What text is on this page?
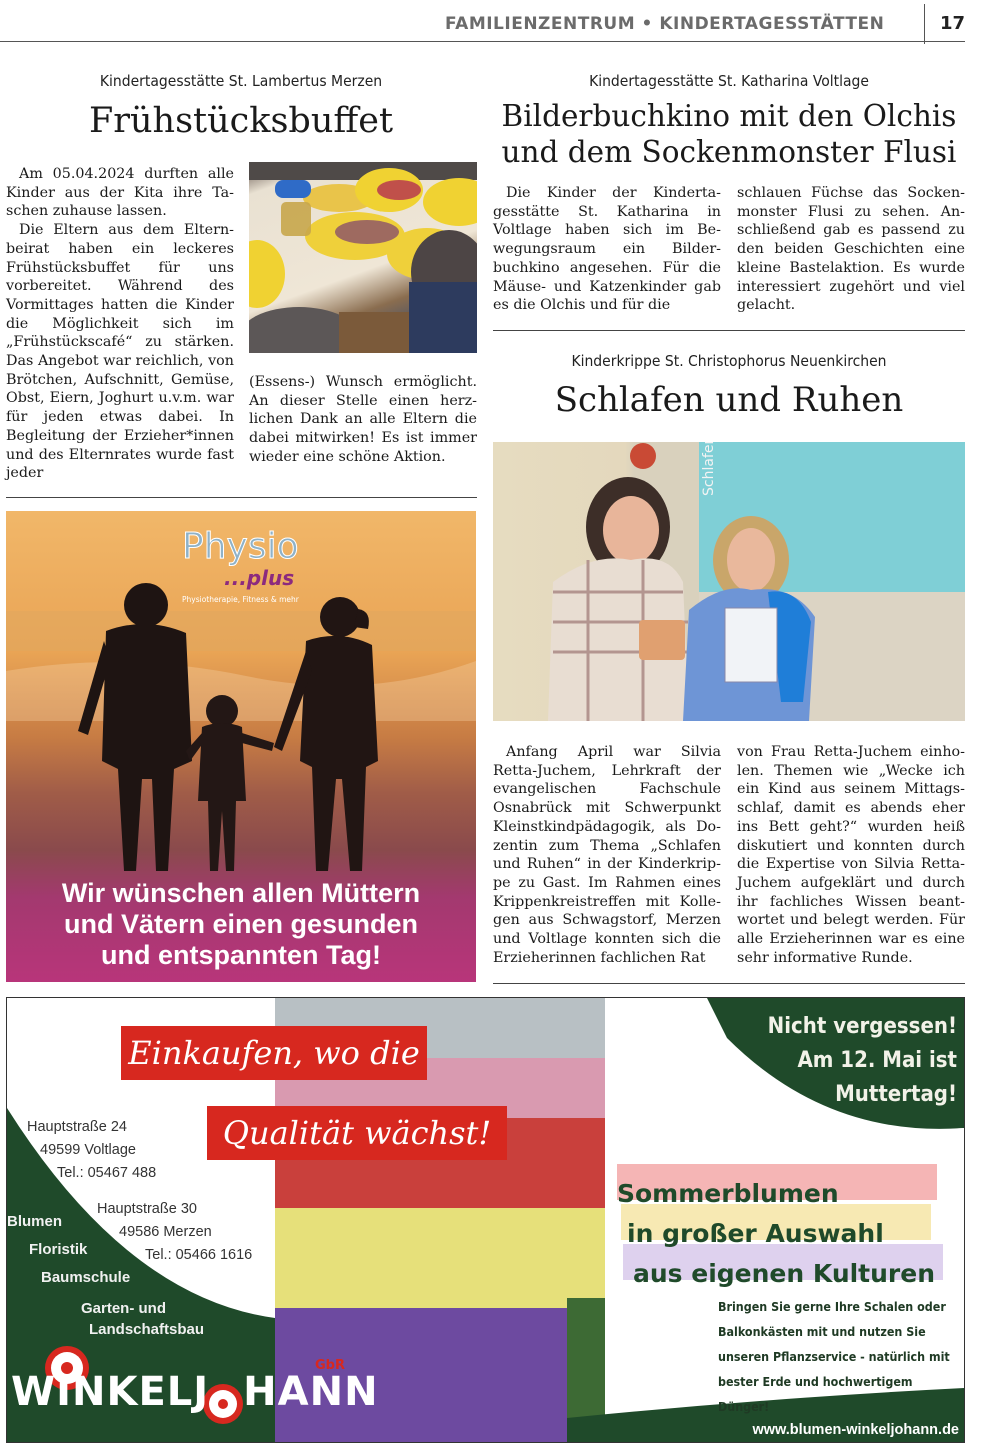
FAMILIENZENTRUM • KINDERTAGESSTÄTTEN	17
Kindertagesstätte St. Lambertus Merzen
Frühstücksbuffet

Am 05.04.2024 durften alle Kinder aus der Kita ihre Taschen zuhause lassen.

Die Eltern aus dem Elternbeirat haben ein leckeres Frühstücksbuffet für uns vorbereitet. Während des Vormittages hatten die Kinder die Möglichkeit sich im „Frühstückscafé“ zu stärken. Das Angebot war reichlich, von Brötchen, Aufschnitt, Gemüse, Obst, Eiern, Joghurt u.v.m. war für jeden etwas dabei. In Begleitung der Erzieher*innen und des Elternrates wurde fast jeder

(Essens-) Wunsch ermöglicht. An dieser Stelle einen herzlichen Dank an alle Eltern die dabei mitwirken! Es ist immer wieder eine schöne Aktion.

Kindertagesstätte St. Katharina Voltlage
Bilderbuchkino mit den Olchis
und dem Sockenmonster Flusi

Die Kinder der Kindertagesstätte St. Katharina in Voltlage haben sich im Bewegungsraum ein Bilderbuchkino angesehen. Für die Mäuse- und Katzenkinder gab es die Olchis und für die

schlauen Füchse das Sockenmonster Flusi zu sehen. Anschließend gab es passend zu den beiden Geschichten eine kleine Bastelaktion. Es wurde interessiert zugehört und viel gelacht.

Kinderkrippe St. Christophorus Neuenkirchen
Schlafen und Ruhen

Anfang April war Silvia Retta-Juchem, Lehrkraft der evangelischen Fachschule Osnabrück mit Schwerpunkt Kleinstkindpädagogik, als Dozentin zum Thema „Schlafen und Ruhen“ in der Kinderkrippe zu Gast. Im Rahmen eines Krippenkreistreffen mit Kollegen aus Schwagstorf, Merzen und Voltlage konnten sich die Erzieherinnen fachlichen Rat

von Frau Retta-Juchem einholen. Themen wie „Wecke ich ein Kind aus seinem Mittagsschlaf, damit es abends eher ins Bett geht?“ wurden heiß diskutiert und konnten durch die Expertise von Silvia Retta-Juchem aufgeklärt und durch ihr fachliches Wissen beantwortet und belegt werden. Für alle Erzieherinnen war es eine sehr informative Runde.

Physio
...plus
Physiotherapie, Fitness & mehr
Wir wünschen allen Müttern
und Vätern einen gesunden
und entspannten Tag!
Einkaufen, wo die
Qualität wächst!
Hauptstraße 24
49599 Voltlage
Tel.: 05467 488
Hauptstraße 30
49586 Merzen
Tel.: 05466 1616
Blumen
Floristik
Baumschule
Garten- und
Landschaftsbau
WINKELJ HANN
GbR
Nicht vergessen!
Am 12. Mai ist
Muttertag!
Sommerblumen
in großer Auswahl
aus eigenen Kulturen
Bringen Sie gerne Ihre Schalen oder
Balkonkästen mit und nutzen Sie
unseren Pflanzservice - natürlich mit
bester Erde und hochwertigem Dünger!
www.blumen-winkeljohann.de
